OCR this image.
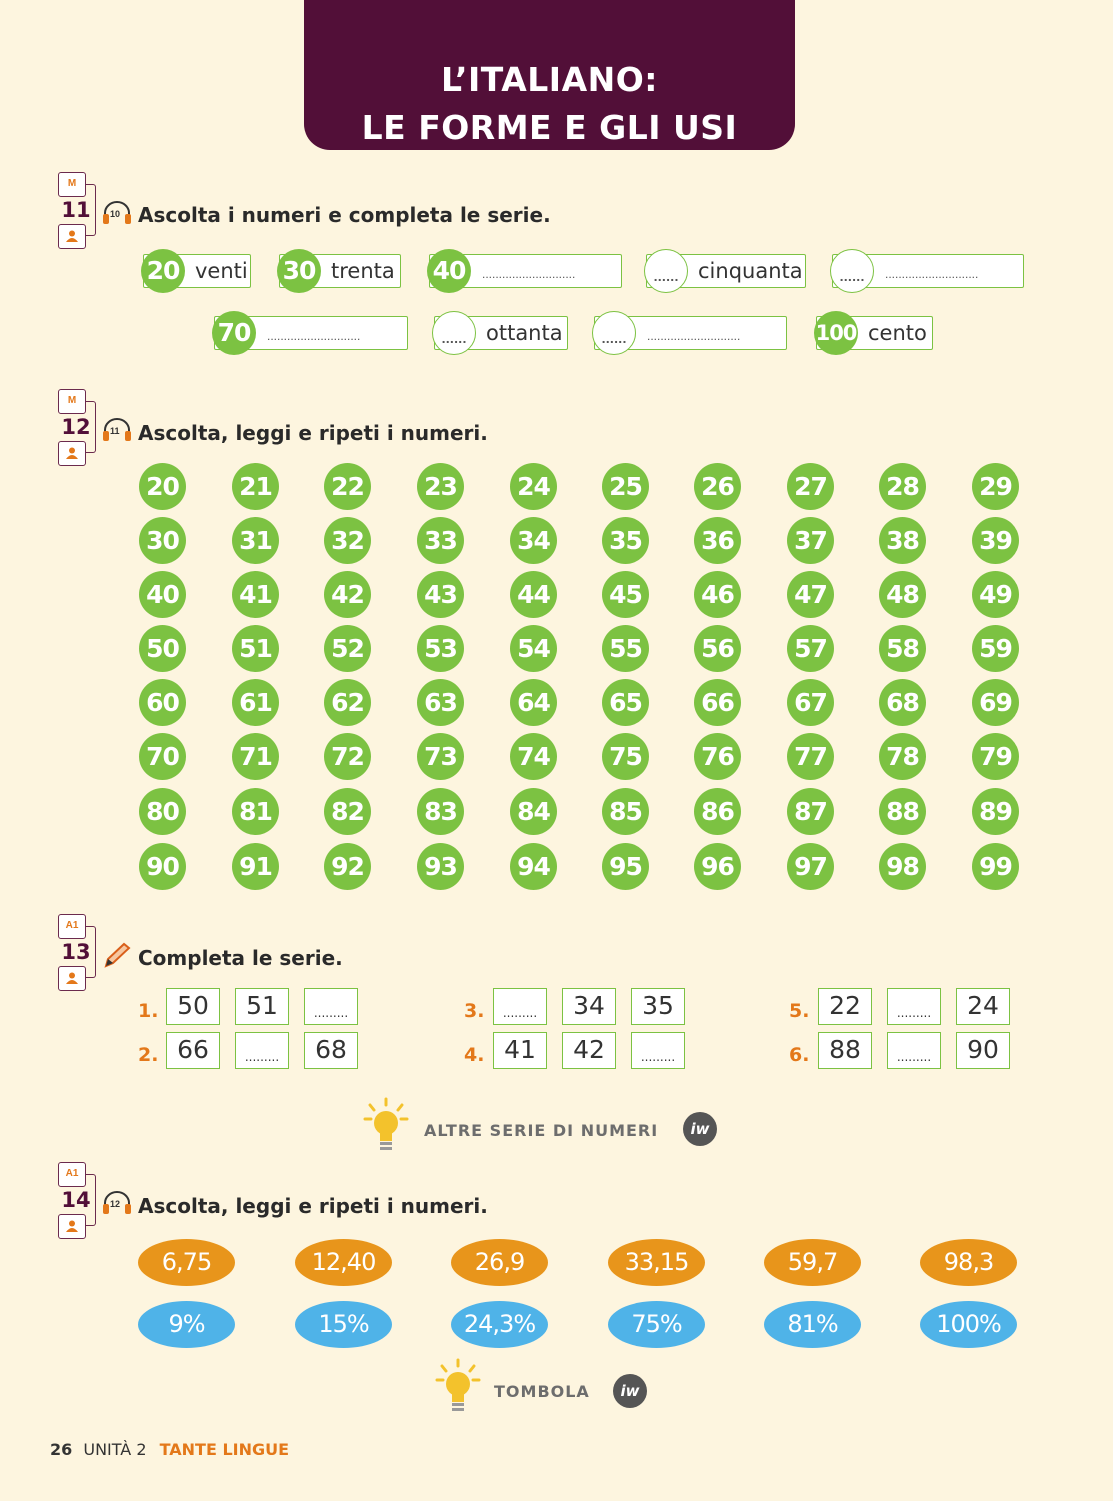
L’ITALIANO:
LE FORME E GLI USI
M
11	10 Ascolta i numeri e completa le serie.
20 venti 30 trenta 40	............................	...... cinquanta	......	............................
70	............................	...... ottanta	......	............................	100 cento
M
12	11 Ascolta, leggi e ripeti i numeri.
20 21 22 23 24 25 26 27 28 29
30 31 32 33 34 35 36 37 38 39
40 41 42 43 44 45 46 47 48 49
50 51 52 53 54 55 56 57 58 59
60 61 62 63 64 65 66 67 68 69
70 71 72 73 74 75 76 77 78 79
80 81 82 83 84 85 86 87 88 89
90 91 92 93 94 95 96 97 98 99
A1
13 Completa le serie.
1. 50	51	.........
2. 66	.........	68
3.	.........	34	35
4. 41	42	.........
5. 22	.........	24
6. 88	.........	90
ALTRE SERIE DI NUMERI	iw
A1
14	12 Ascolta, leggi e ripeti i numeri.
6,75	12,40	26,9	33,15	59,7	98,3
9%	15%	24,3%	75%	81%	100%
TOMBOLA	iw
26 UNITÀ 2 TANTE LINGUE
